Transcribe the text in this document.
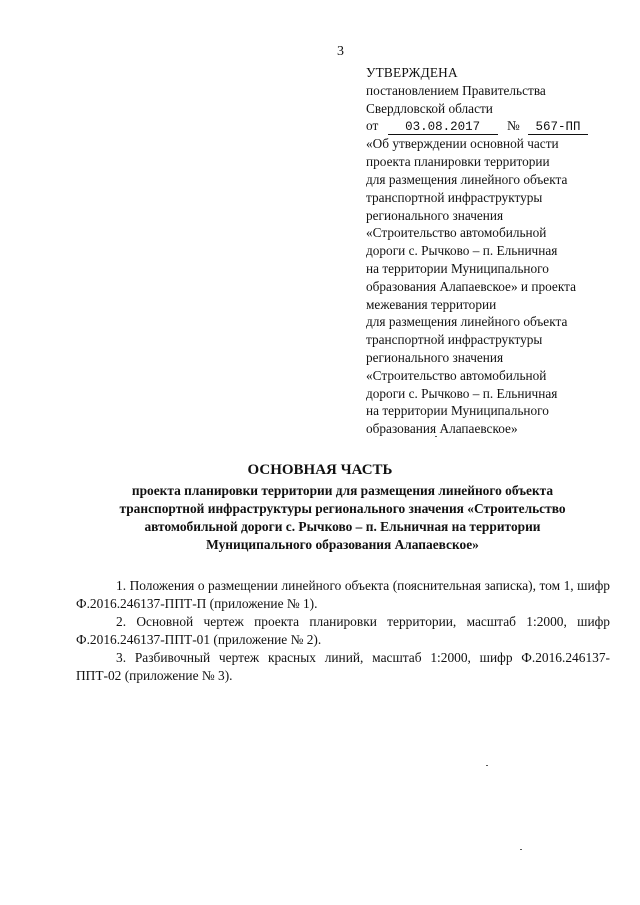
3
УТВЕРЖДЕНА
постановлением Правительства
Свердловской области
от 03.08.2017 № 567-ПП
«Об утверждении основной части
проекта планировки территории
для размещения линейного объекта
транспортной инфраструктуры
регионального значения
«Строительство автомобильной
дороги с. Рычково – п. Ельничная
на территории Муниципального
образования Алапаевское» и проекта
межевания территории
для размещения линейного объекта
транспортной инфраструктуры
регионального значения
«Строительство автомобильной
дороги с. Рычково – п. Ельничная
на территории Муниципального
образования Алапаевское»
ОСНОВНАЯ ЧАСТЬ
проекта планировки территории для размещения линейного объекта
транспортной инфраструктуры регионального значения «Строительство
автомобильной дороги с. Рычково – п. Ельничная на территории
Муниципального образования Алапаевское»

1. Положения о размещении линейного объекта (пояснительная записка), том 1, шифр Ф.2016.246137-ППТ-П (приложение № 1).

2. Основной чертеж проекта планировки территории, масштаб 1:2000, шифр Ф.2016.246137-ППТ-01 (приложение № 2).

3. Разбивочный чертеж красных линий, масштаб 1:2000, шифр Ф.2016.246137-ППТ-02 (приложение № 3).
